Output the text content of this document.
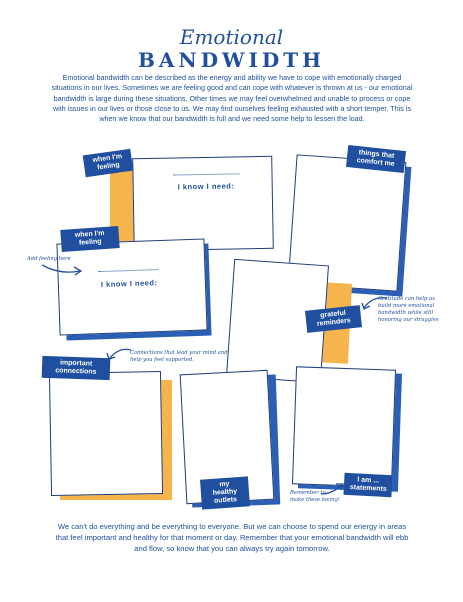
Emotional
BANDWIDTH
Emotional bandwidth can be described as the energy and ability we have to cope with emotionally charged situations in our lives. Sometimes we are feeling good and can cope with whatever is thrown at us - our emotional bandwidth is large during these situations. Other times we may feel overwhelmed and unable to process or cope with issues in our lives or those close to us. We may find ourselves feeling exhausted with a short temper. This is when we know that our bandwidth is full and we need some help to lessen the load.
I know I need:
when I'm feeling
things that comfort me
I know I need:
when I'm feeling
Add feeling here
grateful reminders
Gratitude can help us build more emotional bandwidth while still honoring our struggles
important connections
Connections that lead your mind and help you feel supported.
my healthy outlets
I am ... statements
Remember to make these loving!
We can't do everything and be everything to everyone. But we can choose to spend our energy in areas that feel important and healthy for that moment or day. Remember that your emotional bandwidth will ebb and flow, so know that you can always try again tomorrow.
